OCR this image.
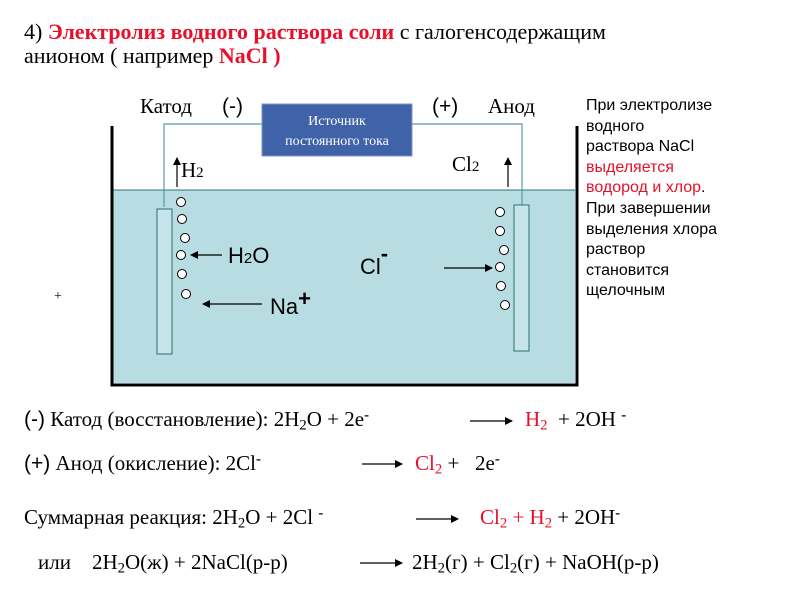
4) Электролиз водного раствора соли с галогенсодержащим
анионом ( например NaCl )
Источник
постоянного тока
Катод (-)	(+) Анод
H2	Cl2
H2O
Na+
Cl-
+

При электролизе

водного

раствора NaCl

выделяется

водород и хлор.

При завершении

выделения хлора

раствор

становится

щелочным

(-) Катод (восстановление): $2H_2O + 2e^-$	$H_2 + 2OH$ -
(+) Анод (окисление): 2Cl-	$Cl_2 + 2e^-$
Суммарная реакция: $2H_2O + 2Cl$ -	$Cl_2 + H_2 + 2OH^-$
или $2H_2O(ж)$ + 2NaCl(р-р)	$2H_2(г) + Cl_2(г)$ + NaOH(р-р)
